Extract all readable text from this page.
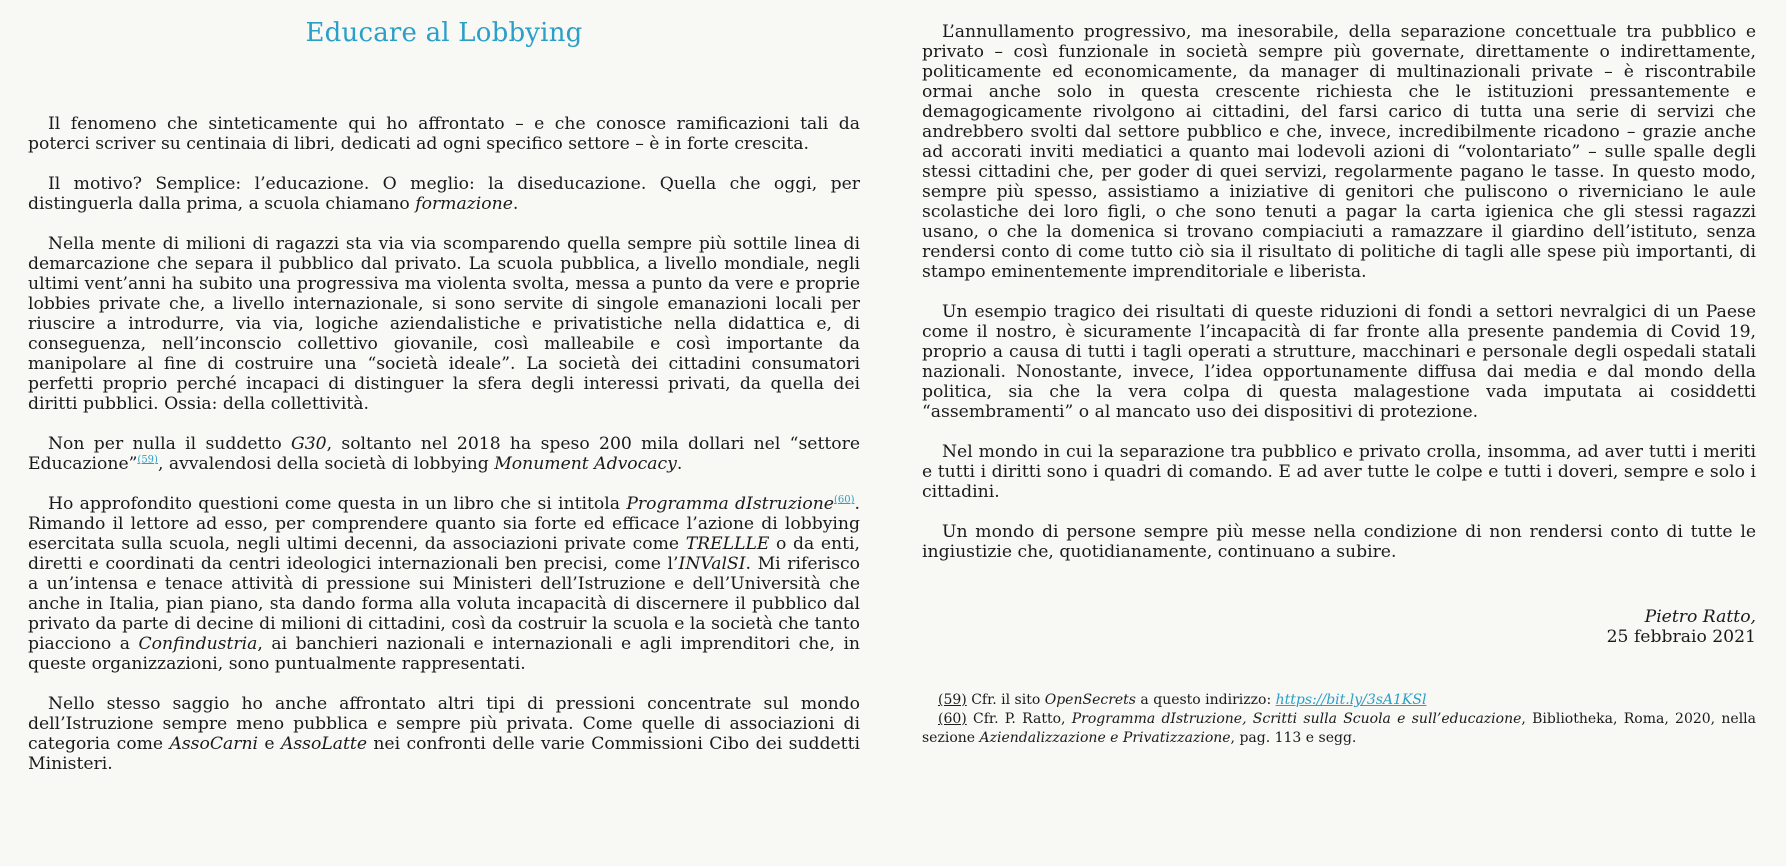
Educare al Lobbying

Il fenomeno che sinteticamente qui ho affrontato – e che conosce ramificazioni tali da poterci scriver su centinaia di libri, dedicati ad ogni specifico settore – è in forte crescita.

Il motivo? Semplice: l’educazione. O meglio: la diseducazione. Quella che oggi, per distinguerla dalla prima, a scuola chiamano formazione.

Nella mente di milioni di ragazzi sta via via scomparendo quella sempre più sottile linea di demarcazione che separa il pubblico dal privato. La scuola pubblica, a livello mondiale, negli ultimi vent’anni ha subito una progressiva ma violenta svolta, messa a punto da vere e proprie lobbies private che, a livello internazionale, si sono servite di singole emanazioni locali per riuscire a introdurre, via via, logiche aziendalistiche e privatistiche nella didattica e, di conseguenza, nell’inconscio collettivo giovanile, così malleabile e così importante da manipolare al fine di costruire una “società ideale”. La società dei cittadini consumatori perfetti proprio perché incapaci di distinguer la sfera degli interessi privati, da quella dei diritti pubblici. Ossia: della collettività.

Non per nulla il suddetto G30, soltanto nel 2018 ha speso 200 mila dollari nel “settore Educazione”$^{(59)}$, avvalendosi della società di lobbying Monument Advocacy.

Ho approfondito questioni come questa in un libro che si intitola Programma dIstruzione$^{(60)}$. Rimando il lettore ad esso, per comprendere quanto sia forte ed efficace l’azione di lobbying esercitata sulla scuola, negli ultimi decenni, da associazioni private come TRELLLE o da enti, diretti e coordinati da centri ideologici internazionali ben precisi, come l’INValSI. Mi riferisco a un’intensa e tenace attività di pressione sui Ministeri dell’Istruzione e dell’Università che anche in Italia, pian piano, sta dando forma alla voluta incapacità di discernere il pubblico dal privato da parte di decine di milioni di cittadini, così da costruir la scuola e la società che tanto piacciono a Confindustria, ai banchieri nazionali e internazionali e agli imprenditori che, in queste organizzazioni, sono puntualmente rappresentati.

Nello stesso saggio ho anche affrontato altri tipi di pressioni concentrate sul mondo dell’Istruzione sempre meno pubblica e sempre più privata. Come quelle di associazioni di categoria come AssoCarni e AssoLatte nei confronti delle varie Commissioni Cibo dei suddetti Ministeri.

L’annullamento progressivo, ma inesorabile, della separazione concettuale tra pubblico e privato – così funzionale in società sempre più governate, direttamente o indirettamente, politicamente ed economicamente, da manager di multinazionali private – è riscontrabile ormai anche solo in questa crescente richiesta che le istituzioni pressantemente e demagogicamente rivolgono ai cittadini, del farsi carico di tutta una serie di servizi che andrebbero svolti dal settore pubblico e che, invece, incredibilmente ricadono – grazie anche ad accorati inviti mediatici a quanto mai lodevoli azioni di “volontariato” – sulle spalle degli stessi cittadini che, per goder di quei servizi, regolarmente pagano le tasse. In questo modo, sempre più spesso, assistiamo a iniziative di genitori che puliscono o riverniciano le aule scolastiche dei loro figli, o che sono tenuti a pagar la carta igienica che gli stessi ragazzi usano, o che la domenica si trovano compiaciuti a ramazzare il giardino dell’istituto, senza rendersi conto di come tutto ciò sia il risultato di politiche di tagli alle spese più importanti, di stampo eminentemente imprenditoriale e liberista.

Un esempio tragico dei risultati di queste riduzioni di fondi a settori nevralgici di un Paese come il nostro, è sicuramente l’incapacità di far fronte alla presente pandemia di Covid 19, proprio a causa di tutti i tagli operati a strutture, macchinari e personale degli ospedali statali nazionali. Nonostante, invece, l’idea opportunamente diffusa dai media e dal mondo della politica, sia che la vera colpa di questa malagestione vada imputata ai cosiddetti “assembramenti” o al mancato uso dei dispositivi di protezione.

Nel mondo in cui la separazione tra pubblico e privato crolla, insomma, ad aver tutti i meriti e tutti i diritti sono i quadri di comando. E ad aver tutte le colpe e tutti i doveri, sempre e solo i cittadini.

Un mondo di persone sempre più messe nella condizione di non rendersi conto di tutte le ingiustizie che, quotidianamente, continuano a subire.

Pietro Ratto,
25 febbraio 2021

(59) Cfr. il sito OpenSecrets a questo indirizzo: https://bit.ly/3sA1KSl

(60) Cfr. P. Ratto, Programma dIstruzione, Scritti sulla Scuola e sull’educazione, Bibliotheka, Roma, 2020, nella sezione Aziendalizzazione e Privatizzazione, pag. 113 e segg.
